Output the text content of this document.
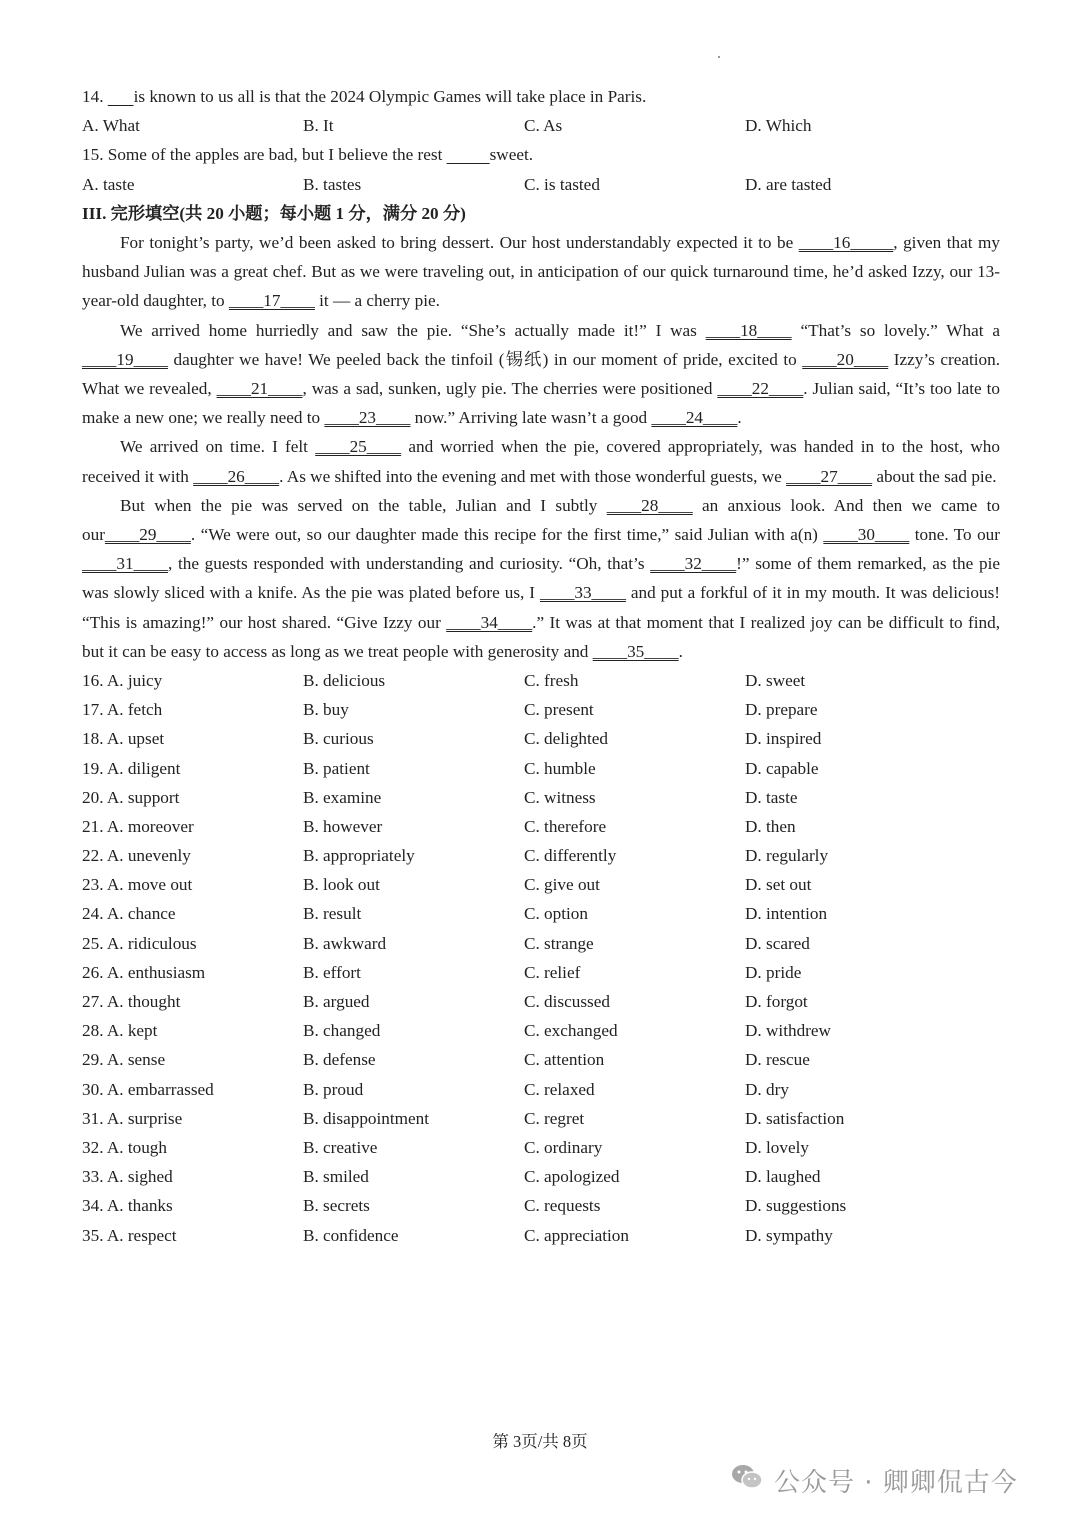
14.       is known to us all is that the 2024 Olympic Games will take place in Paris.
A. What	B. It	C. As	D. Which
15. Some of the apples are bad, but I believe the rest           sweet.
A. taste	B. tastes	C. is tasted	D. are tasted
III. 完形填空(共 20 小题；每小题 1 分，满分 20 分)

For tonight’s party, we’d been asked to bring dessert. Our host understandably expected it to be ____16_____, given that my husband Julian was a great chef. But as we were traveling out, in anticipation of our quick turnaround time, he’d asked Izzy, our 13-year-old daughter, to ____17____ it — a cherry pie.

We arrived home hurriedly and saw the pie. “She’s actually made it!” I was ____18____ “That’s so lovely.” What a ____19____ daughter we have! We peeled back the tinfoil (锡纸) in our moment of pride, excited to ____20____ Izzy’s creation. What we revealed, ____21____, was a sad, sunken, ugly pie. The cherries were positioned ____22____. Julian said, “It’s too late to make a new one; we really need to ____23____ now.” Arriving late wasn’t a good ____24____.

We arrived on time. I felt ____25____ and worried when the pie, covered appropriately, was handed in to the host, who received it with ____26____. As we shifted into the evening and met with those wonderful guests, we ____27____ about the sad pie.

But when the pie was served on the table, Julian and I subtly ____28____ an anxious look. And then we came to our____29____. “We were out, so our daughter made this recipe for the first time,” said Julian with a(n) ____30____ tone. To our ____31____, the guests responded with understanding and curiosity. “Oh, that’s ____32____!” some of them remarked, as the pie was slowly sliced with a knife. As the pie was plated before us, I ____33____ and put a forkful of it in my mouth. It was delicious! “This is amazing!” our host shared. “Give Izzy our ____34____.” It was at that moment that I realized joy can be difficult to find, but it can be easy to access as long as we treat people with generosity and ____35____.

16. A. juicy	B. delicious	C. fresh	D. sweet
17. A. fetch	B. buy	C. present	D. prepare
18. A. upset	B. curious	C. delighted	D. inspired
19. A. diligent	B. patient	C. humble	D. capable
20. A. support	B. examine	C. witness	D. taste
21. A. moreover	B. however	C. therefore	D. then
22. A. unevenly	B. appropriately	C. differently	D. regularly
23. A. move out	B. look out	C. give out	D. set out
24. A. chance	B. result	C. option	D. intention
25. A. ridiculous	B. awkward	C. strange	D. scared
26. A. enthusiasm	B. effort	C. relief	D. pride
27. A. thought	B. argued	C. discussed	D. forgot
28. A. kept	B. changed	C. exchanged	D. withdrew
29. A. sense	B. defense	C. attention	D. rescue
30. A. embarrassed	B. proud	C. relaxed	D. dry
31. A. surprise	B. disappointment	C. regret	D. satisfaction
32. A. tough	B. creative	C. ordinary	D. lovely
33. A. sighed	B. smiled	C. apologized	D. laughed
34. A. thanks	B. secrets	C. requests	D. suggestions
35. A. respect	B. confidence	C. appreciation	D. sympathy
第 3页/共 8页
公众号 · 卿卿侃古今
